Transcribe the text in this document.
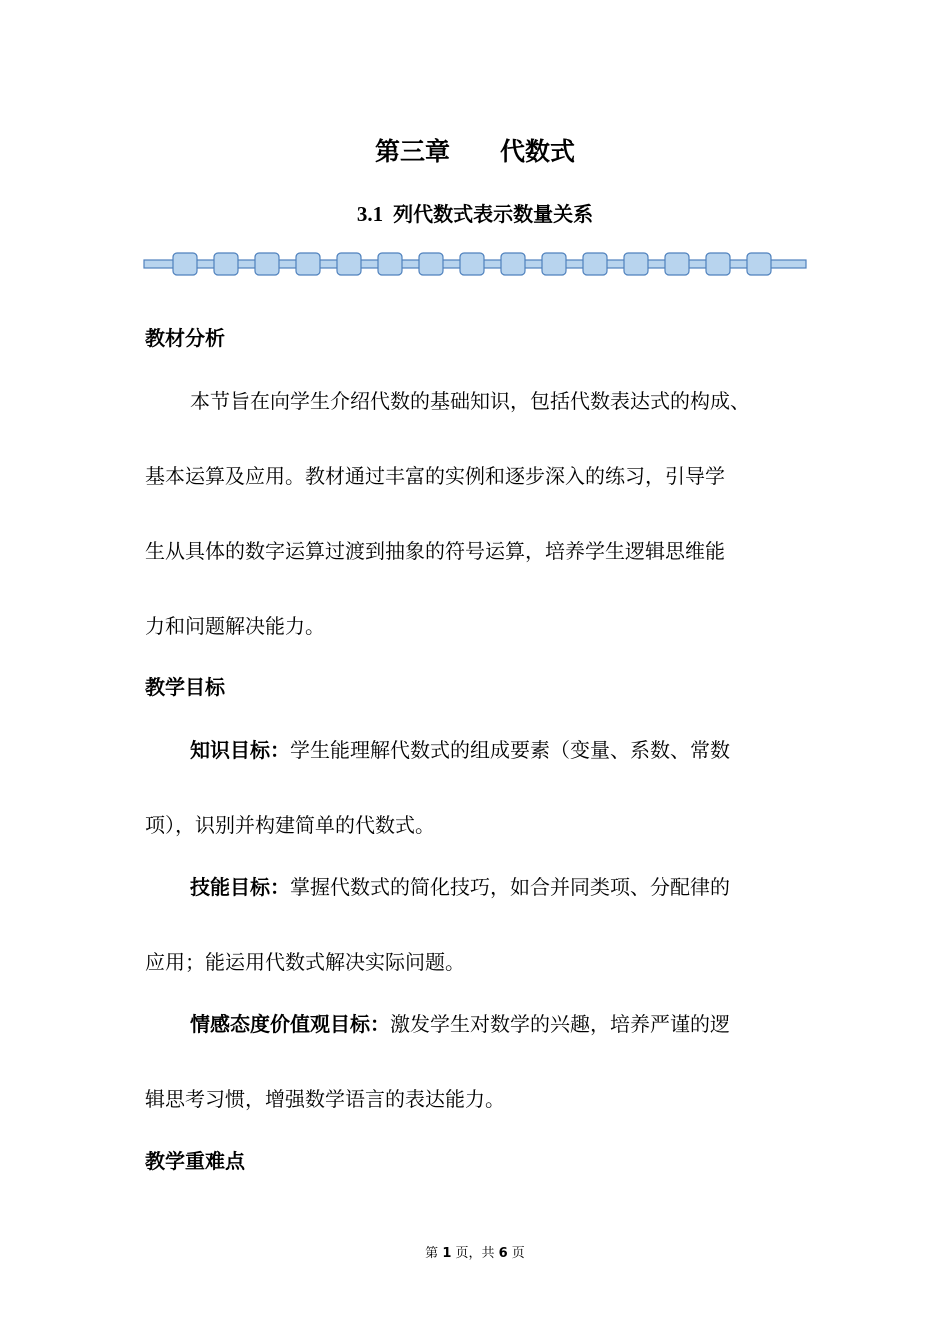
第三章　　代数式
3.1 列代数式表示数量关系
教材分析
本节旨在向学生介绍代数的基础知识，包括代数表达式的构成、
基本运算及应用。教材通过丰富的实例和逐步深入的练习，引导学
生从具体的数字运算过渡到抽象的符号运算，培养学生逻辑思维能
力和问题解决能力。
教学目标
知识目标：学生能理解代数式的组成要素（变量、系数、常数
项），识别并构建简单的代数式。
技能目标：掌握代数式的简化技巧，如合并同类项、分配律的
应用；能运用代数式解决实际问题。
情感态度价值观目标：激发学生对数学的兴趣，培养严谨的逻
辑思考习惯，增强数学语言的表达能力。
教学重难点
第 1 页，共 6 页
